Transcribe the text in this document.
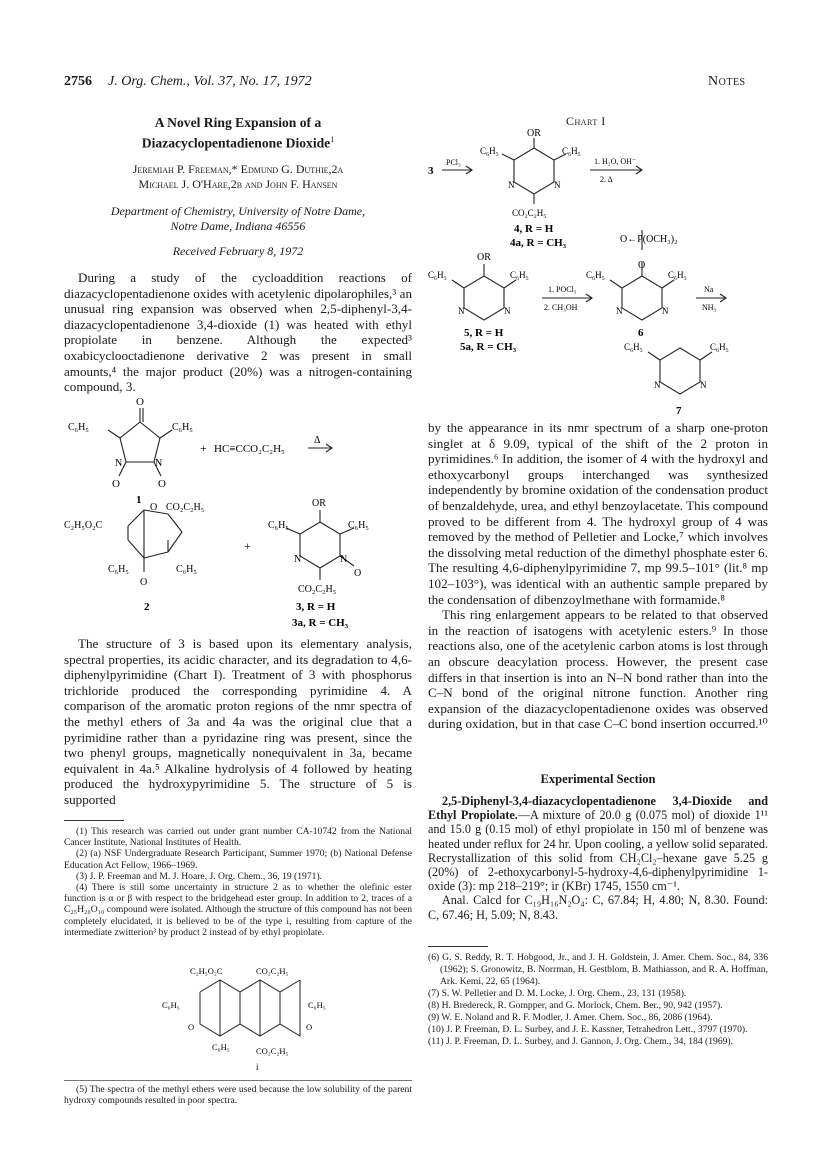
2756 J. Org. Chem., Vol. 37, No. 17, 1972	Notes
A Novel Ring Expansion of a
Diazacyclopentadienone Dioxide$^1$
Jeremiah P. Freeman,* Edmund G. Duthie,2a
Michael J. O'Hare,2b and John F. Hansen
Department of Chemistry, University of Notre Dame,
Notre Dame, Indiana 46556
Received February 8, 1972

During a study of the cycloaddition reactions of diazacyclopentadienone oxides with acetylenic dipolarophiles,³ an unusual ring expansion was observed when 2,5-diphenyl-3,4-diazacyclopentadienone 3,4-dioxide (1) was heated with ethyl propiolate in benzene. Although the expected³ oxabicyclooctadienone derivative 2 was present in small amounts,⁴ the major product (20%) was a nitrogen-containing compound, 3.

O
C₆H₅	C₆H₅
N	N
O	O
+ HC≡CCO₂C₂H₅
Δ
1
C₂H₅O₂C
O CO₂C₂H₅
C₆H₅	C₆H₅
O
2
+
OR
C₆H₅	C₆H₅
N	N
O
CO₂C₂H₅
3, R = H
3a, R = CH₃

The structure of 3 is based upon its elementary analysis, spectral properties, its acidic character, and its degradation to 4,6-diphenylpyrimidine (Chart I). Treatment of 3 with phosphorus trichloride produced the corresponding pyrimidine 4. A comparison of the aromatic proton regions of the nmr spectra of the methyl ethers of 3a and 4a was the original clue that a pyrimidine rather than a pyridazine ring was present, since the two phenyl groups, magnetically nonequivalent in 3a, became equivalent in 4a.⁵ Alkaline hydrolysis of 4 followed by heating produced the hydroxypyrimidine 5. The structure of 5 is supported

(1) This research was carried out under grant number CA-10742 from the National Cancer Institute, National Institutes of Health.

(2) (a) NSF Undergraduate Research Participant, Summer 1970; (b) National Defense Education Act Fellow, 1966–1969.

(3) J. P. Freeman and M. J. Hoare, J. Org. Chem., 36, 19 (1971).

(4) There is still some uncertainty in structure 2 as to whether the olefinic ester function is α or β with respect to the bridgehead ester group. In addition to 2, traces of a C₂₅H₂₀O₁₀ compound were isolated. Although the structure of this compound has not been completely elucidated, it is believed to be of the type i, resulting from capture of the intermediate zwitterion³ by product 2 instead of by ethyl propiolate.

C₂H₅O₂C	CO₂C₂H₅
C₆H₅	C₆H₅
O	O
C₆H₅	CO₂C₂H₅
i

(5) The spectra of the methyl ethers were used because the low solubility of the parent hydroxy compounds resulted in poor spectra.

Chart I
3
PCl₃
OR
C₆H₅	C₆H₅
N	N
CO₂C₂H₅
4, R = H
4a, R = CH₃
1. H₂O, OH⁻
2. Δ
OR
C₆H₅	C₆H₅
N	N
5, R = H
5a, R = CH₃
1. POCl₃
2. CH₃OH
O←P(OCH₃)₂
O
C₆H₅	C₆H₅
N	N
6
Na
NH₃
C₆H₅	C₆H₅
N	N
7

by the appearance in its nmr spectrum of a sharp one-proton singlet at δ 9.09, typical of the shift of the 2 proton in pyrimidines.⁶ In addition, the isomer of 4 with the hydroxyl and ethoxycarbonyl groups interchanged was synthesized independently by bromine oxidation of the condensation product of benzaldehyde, urea, and ethyl benzoylacetate. This compound proved to be different from 4. The hydroxyl group of 4 was removed by the method of Pelletier and Locke,⁷ which involves the dissolving metal reduction of the dimethyl phosphate ester 6. The resulting 4,6-diphenylpyrimidine 7, mp 99.5–101° (lit.⁸ mp 102–103°), was identical with an authentic sample prepared by the condensation of dibenzoylmethane with formamide.⁸

This ring enlargement appears to be related to that observed in the reaction of isatogens with acetylenic esters.⁹ In those reactions also, one of the acetylenic carbon atoms is lost through an obscure deacylation process. However, the present case differs in that insertion is into an N–N bond rather than into the C–N bond of the original nitrone function. Another ring expansion of the diazacyclopentadienone oxides was observed during oxidation, but in that case C–C bond insertion occurred.¹⁰

Experimental Section

2,5-Diphenyl-3,4-diazacyclopentadienone 3,4-Dioxide and Ethyl Propiolate.—A mixture of 20.0 g (0.075 mol) of dioxide 1¹¹ and 15.0 g (0.15 mol) of ethyl propiolate in 150 ml of benzene was heated under reflux for 24 hr. Upon cooling, a yellow solid separated. Recrystallization of this solid from CH₂Cl₂–hexane gave 5.25 g (20%) of 2-ethoxycarbonyl-5-hydroxy-4,6-diphenylpyrimidine 1-oxide (3): mp 218–219°; ir (KBr) 1745, 1550 cm⁻¹.

Anal. Calcd for C₁₉H₁₆N₂O₄: C, 67.84; H, 4.80; N, 8.30. Found: C, 67.46; H, 5.09; N, 8.43.

(6) G. S. Reddy, R. T. Hobgood, Jr., and J. H. Goldstein, J. Amer. Chem. Soc., 84, 336 (1962); S. Gronowitz, B. Norrman, H. Gestblom, B. Mathiasson, and R. A. Hoffman, Ark. Kemi, 22, 65 (1964).

(7) S. W. Pelletier and D. M. Locke, J. Org. Chem., 23, 131 (1958).

(8) H. Bredereck, R. Gompper, and G. Morlock, Chem. Ber., 90, 942 (1957).

(9) W. E. Noland and R. F. Modler, J. Amer. Chem. Soc., 86, 2086 (1964).

(10) J. P. Freeman, D. L. Surbey, and J. E. Kassner, Tetrahedron Lett., 3797 (1970).

(11) J. P. Freeman, D. L. Surbey, and J. Gannon, J. Org. Chem., 34, 184 (1969).
